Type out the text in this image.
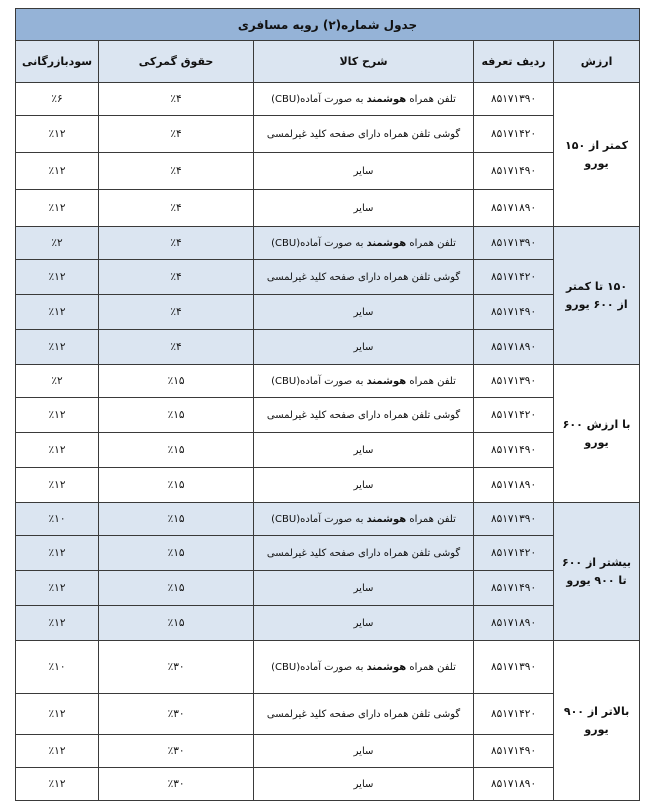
جدول شماره(۲) رویه مسافری				
ارزش	ردیف تعرفه	شرح کالا	حقوق گمرکی	سودبازرگانی
کمتر از ۱۵۰ یورو	۸۵۱۷۱۳۹۰	تلفن همراه هوشمند به صورت آماده(CBU)	٪۴	٪۶
	۸۵۱۷۱۴۲۰	گوشی تلفن همراه دارای صفحه کلید غیرلمسی	٪۴	٪۱۲
	۸۵۱۷۱۴۹۰	سایر	٪۴	٪۱۲
	۸۵۱۷۱۸۹۰	سایر	٪۴	٪۱۲
۱۵۰ تا کمتر از ۶۰۰ یورو	۸۵۱۷۱۳۹۰	تلفن همراه هوشمند به صورت آماده(CBU)	٪۴	٪۲
	۸۵۱۷۱۴۲۰	گوشی تلفن همراه دارای صفحه کلید غیرلمسی	٪۴	٪۱۲
	۸۵۱۷۱۴۹۰	سایر	٪۴	٪۱۲
	۸۵۱۷۱۸۹۰	سایر	٪۴	٪۱۲
با ارزش ۶۰۰ یورو	۸۵۱۷۱۳۹۰	تلفن همراه هوشمند به صورت آماده(CBU)	٪۱۵	٪۲
	۸۵۱۷۱۴۲۰	گوشی تلفن همراه دارای صفحه کلید غیرلمسی	٪۱۵	٪۱۲
	۸۵۱۷۱۴۹۰	سایر	٪۱۵	٪۱۲
	۸۵۱۷۱۸۹۰	سایر	٪۱۵	٪۱۲
بیشتر از ۶۰۰ تا ۹۰۰ یورو	۸۵۱۷۱۳۹۰	تلفن همراه هوشمند به صورت آماده(CBU)	٪۱۵	٪۱۰
	۸۵۱۷۱۴۲۰	گوشی تلفن همراه دارای صفحه کلید غیرلمسی	٪۱۵	٪۱۲
	۸۵۱۷۱۴۹۰	سایر	٪۱۵	٪۱۲
	۸۵۱۷۱۸۹۰	سایر	٪۱۵	٪۱۲
بالاتر از ۹۰۰ یورو	۸۵۱۷۱۳۹۰	تلفن همراه هوشمند به صورت آماده(CBU)	٪۳۰	٪۱۰
	۸۵۱۷۱۴۲۰	گوشی تلفن همراه دارای صفحه کلید غیرلمسی	٪۳۰	٪۱۲
	۸۵۱۷۱۴۹۰	سایر	٪۳۰	٪۱۲
	۸۵۱۷۱۸۹۰	سایر	٪۳۰	٪۱۲
